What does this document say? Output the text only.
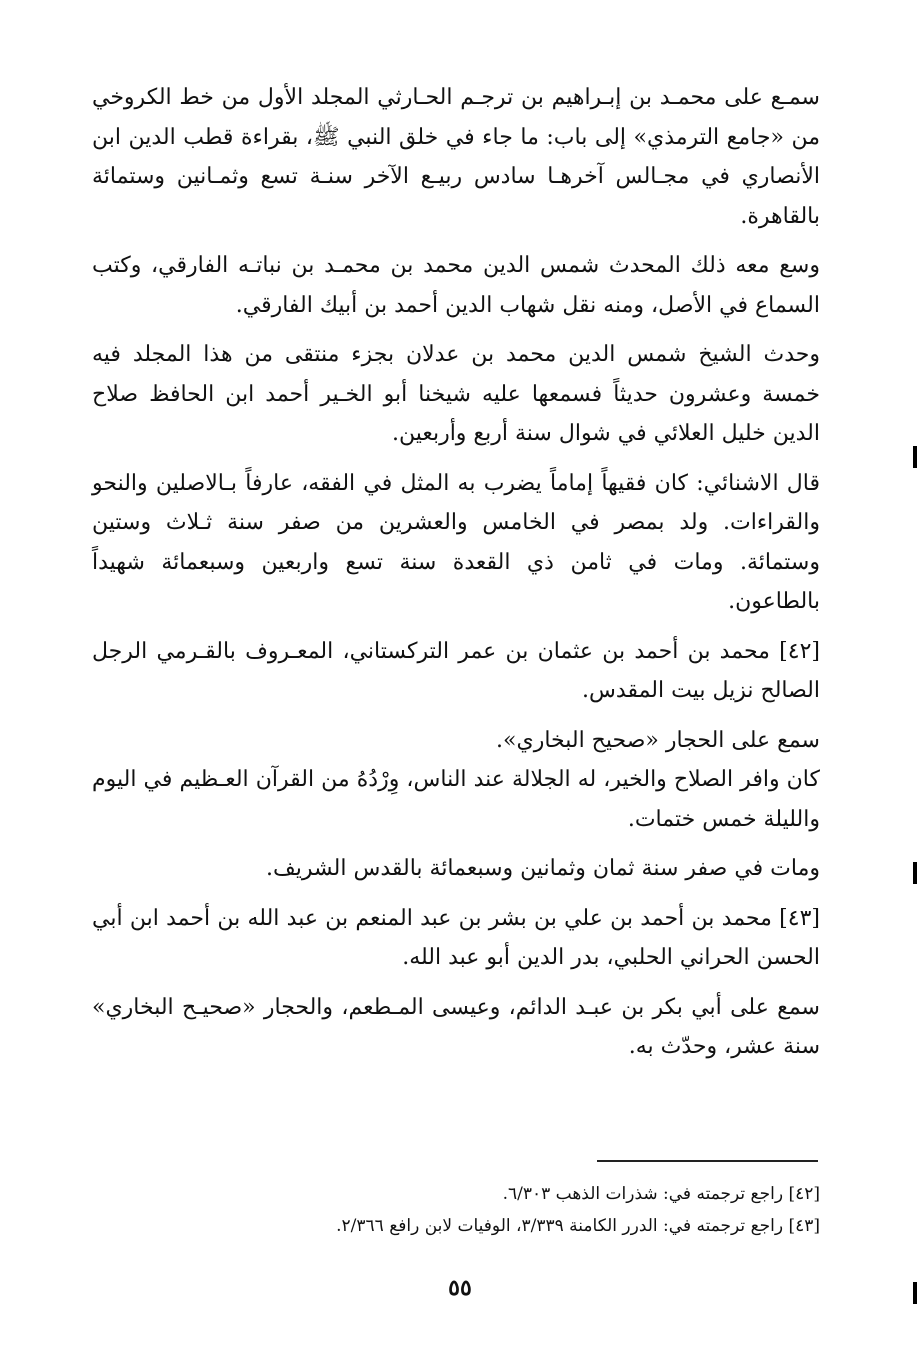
سمـع على محمـد بن إبـراهيم بن ترجـم الحـارثي المجلد الأول من خط الكروخي من «جامع الترمذي» إلى باب: ما جاء في خلق النبي ﷺ، بقراءة قطب الدين ابن الأنصاري في مجـالس آخرهـا سادس ربيـع الآخر سنـة تسع وثمـانين وستمائة بالقاهرة.

وسع معه ذلك المحدث شمس الدين محمد بن محمـد بن نباتـه الفارقي، وكتب السماع في الأصل، ومنه نقل شهاب الدين أحمد بن أبيك الفارقي.

وحدث الشيخ شمس الدين محمد بن عدلان بجزء منتقى من هذا المجلد فيه خمسة وعشرون حديثاً فسمعها عليه شيخنا أبو الخـير أحمد ابن الحافظ صلاح الدين خليل العلائي في شوال سنة أربع وأربعين.

قال الاشنائي: كان فقيهاً إماماً يضرب به المثل في الفقه، عارفاً بـالاصلين والنحو والقراءات. ولد بمصر في الخامس والعشرين من صفر سنة ثـلاث وستين وستمائة. ومات في ثامن ذي القعدة سنة تسع واربعين وسبعمائة شهيداً بالطاعون.

[٤٢] محمد بن أحمد بن عثمان بن عمر التركستاني، المعـروف بالقـرمي الرجل الصالح نزيل بيت المقدس.

سمع على الحجار «صحيح البخاري».

كان وافر الصلاح والخير، له الجلالة عند الناس، وِرْدُهُ من القرآن العـظيم في اليوم والليلة خمس ختمات.

ومات في صفر سنة ثمان وثمانين وسبعمائة بالقدس الشريف.

[٤٣] محمد بن أحمد بن علي بن بشر بن عبد المنعم بن عبد الله بن أحمد ابن أبي الحسن الحراني الحلبي، بدر الدين أبو عبد الله.

سمع على أبي بكر بن عبـد الدائم، وعيسى المـطعم، والحجار «صحيـح البخاري» سنة عشر، وحدّث به.

[٤٢] راجع ترجمته في: شذرات الذهب ٦/٣٠٣.

[٤٣] راجع ترجمته في: الدرر الكامنة ٣/٣٣٩، الوفيات لابن رافع ٢/٣٦٦.

٥٥
